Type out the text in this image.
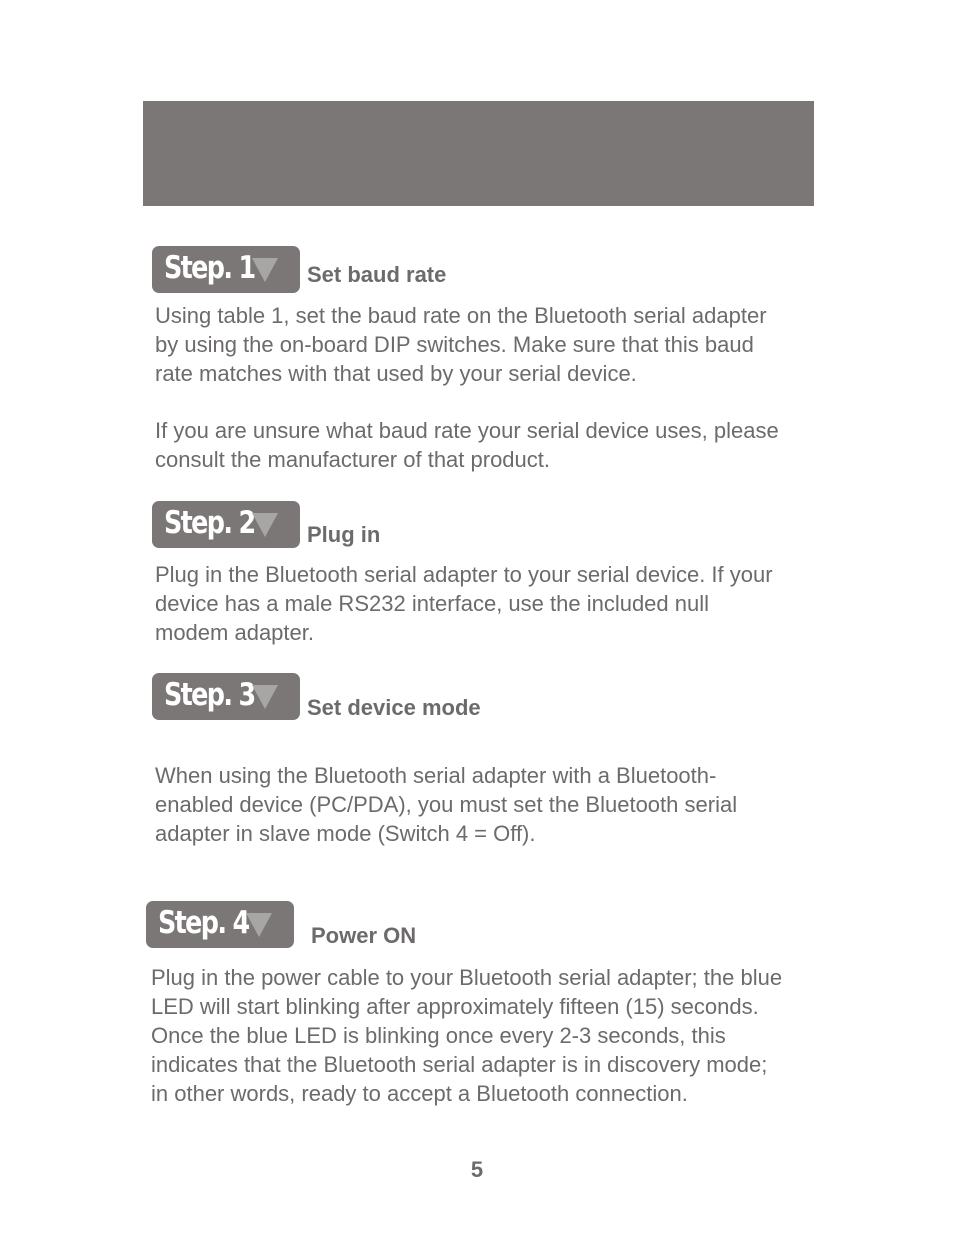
Step. 1 Set baud rate

Using table 1, set the baud rate on the Bluetooth serial adapter
by using the on-board DIP switches. Make sure that this baud
rate matches with that used by your serial device.

If you are unsure what baud rate your serial device uses, please
consult the manufacturer of that product.

Step. 2 Plug in

Plug in the Bluetooth serial adapter to your serial device. If your
device has a male RS232 interface, use the included null
modem adapter.

Step. 3 Set device mode

When using the Bluetooth serial adapter with a Bluetooth-
enabled device (PC/PDA), you must set the Bluetooth serial
adapter in slave mode (Switch 4 = Off).

Step. 4	Power ON

Plug in the power cable to your Bluetooth serial adapter; the blue
LED will start blinking after approximately fifteen (15) seconds.
Once the blue LED is blinking once every 2-3 seconds, this
indicates that the Bluetooth serial adapter is in discovery mode;
in other words, ready to accept a Bluetooth connection.

5
